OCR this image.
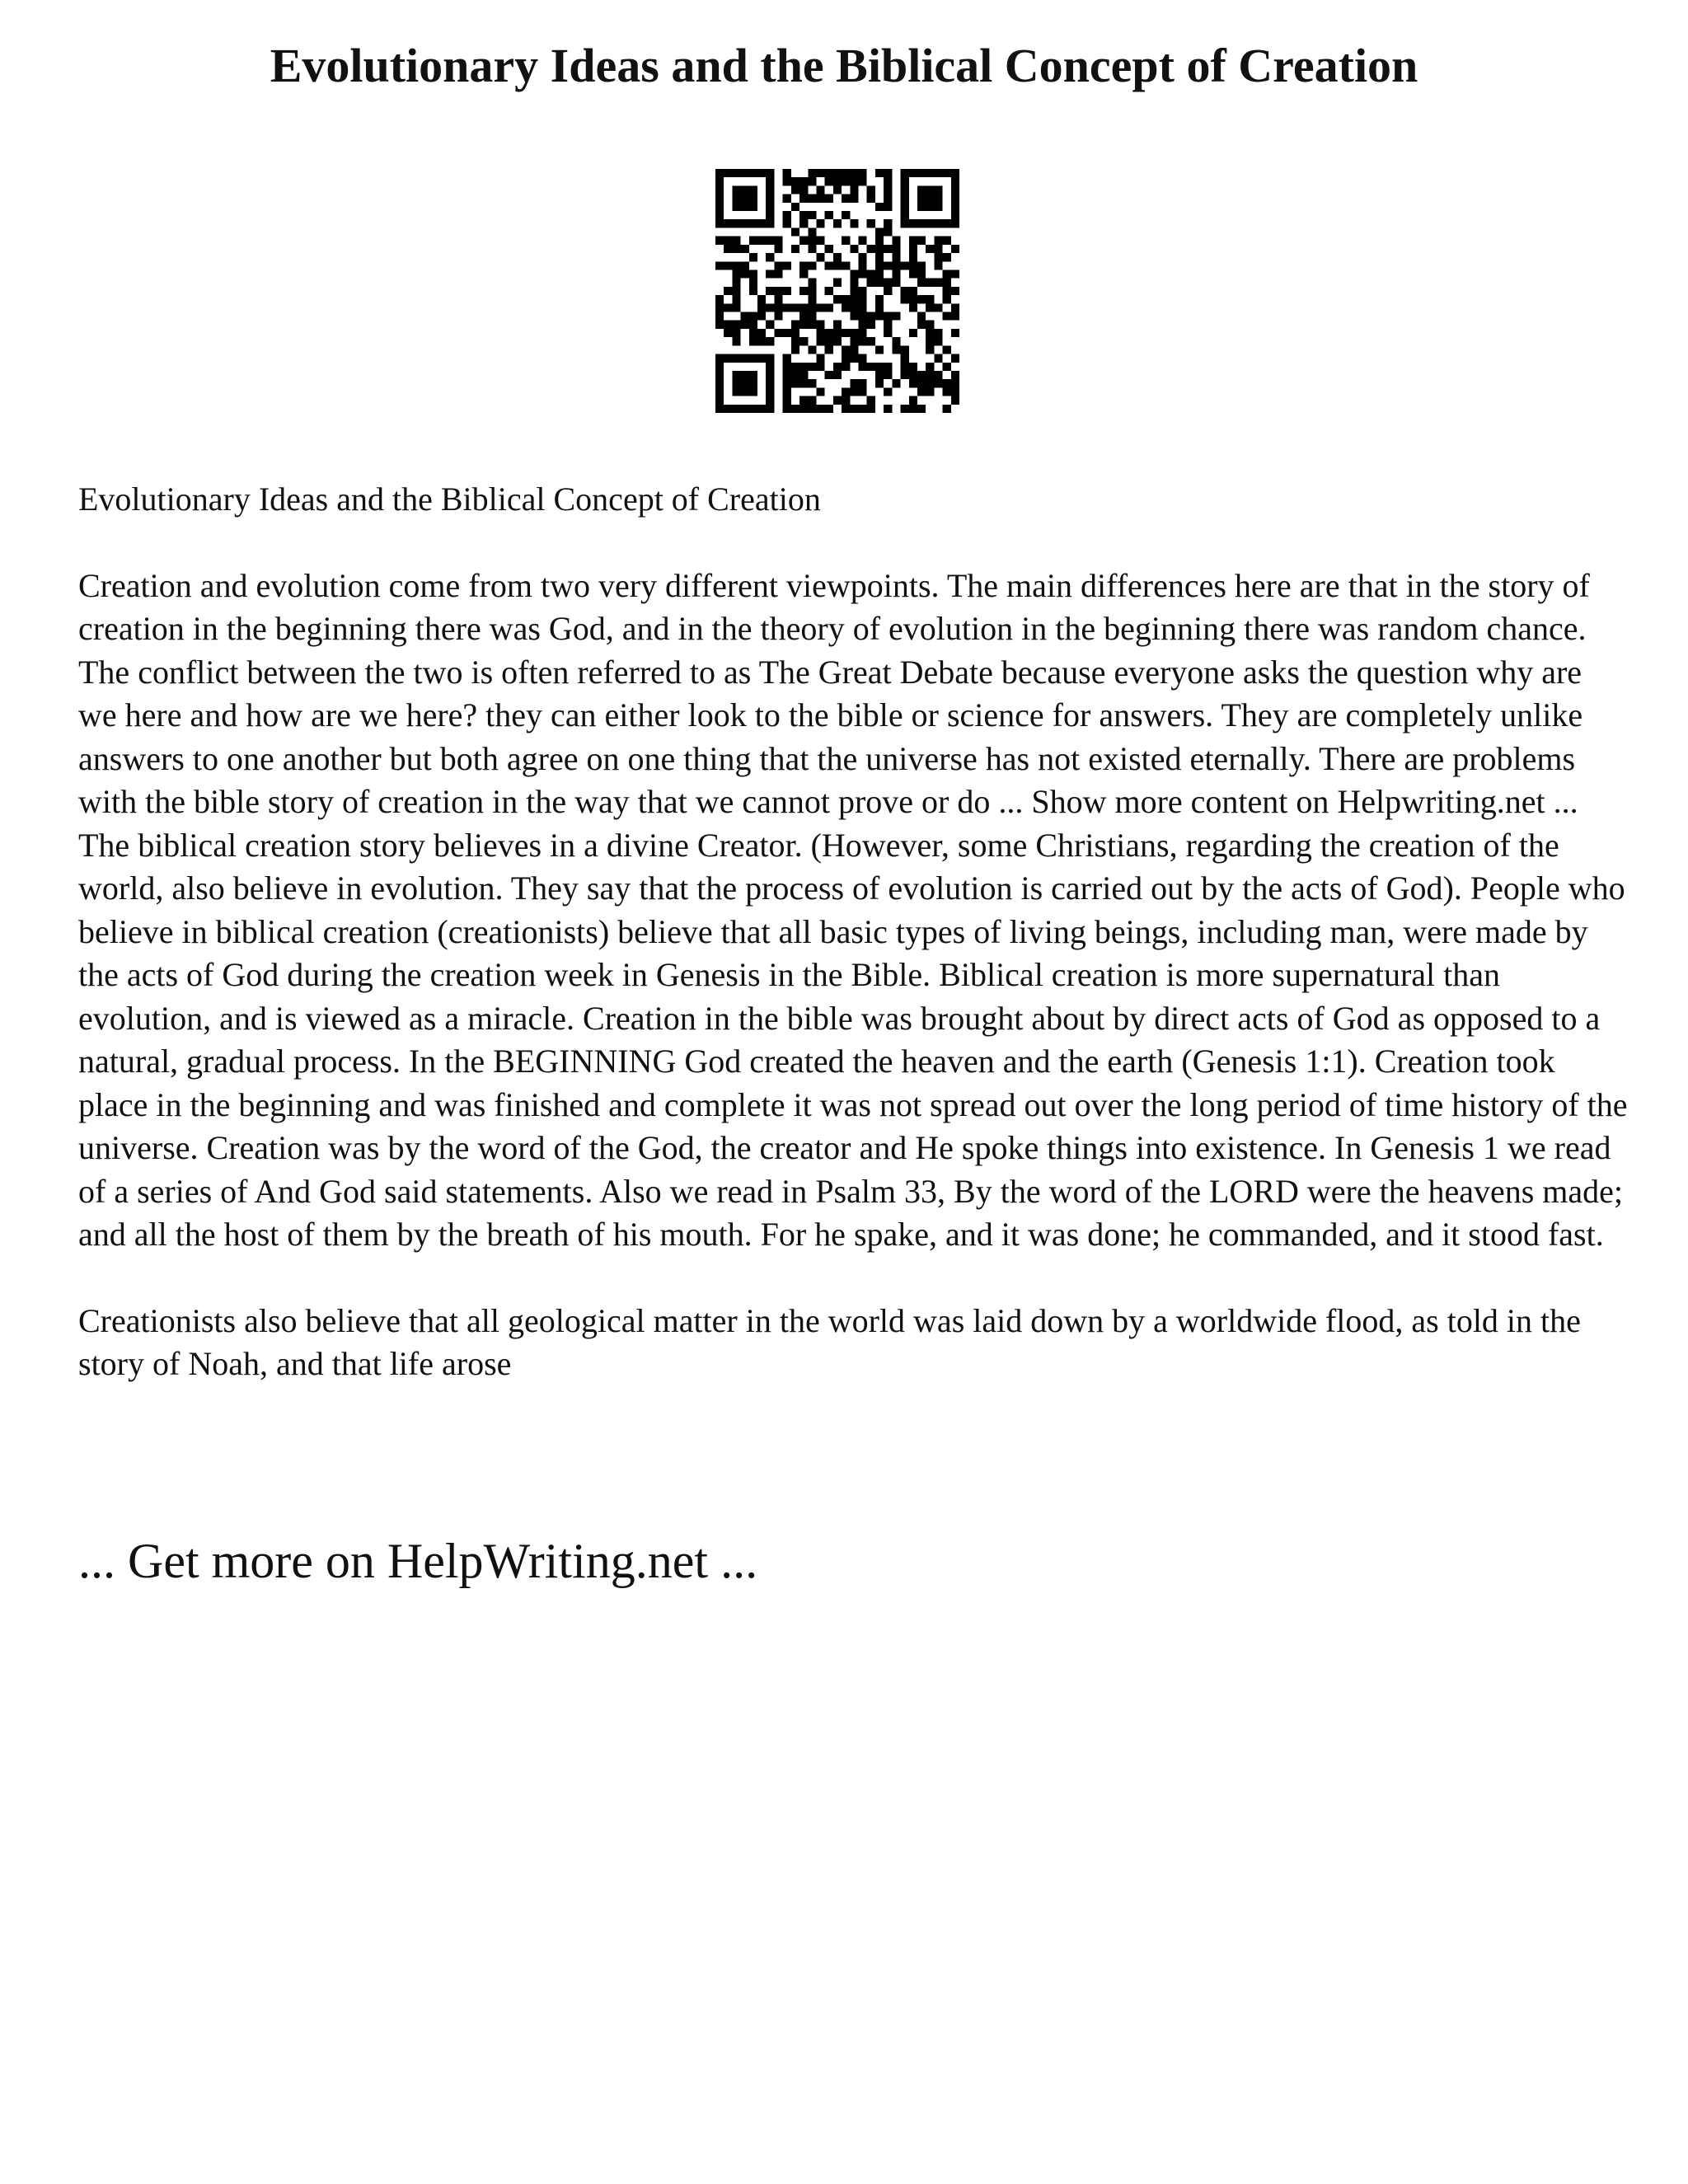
Evolutionary Ideas and the Biblical Concept of Creation

Evolutionary Ideas and the Biblical Concept of Creation

Creation and evolution come from two very different viewpoints. The main differences here are that in the story of creation in the beginning there was God, and in the theory of evolution in the beginning there was random chance. The conflict between the two is often referred to as The Great Debate because everyone asks the question why are we here and how are we here? they can either look to the bible or science for answers. They are completely unlike answers to one another but both agree on one thing that the universe has not existed eternally. There are problems with the bible story of creation in the way that we cannot prove or do ... Show more content on Helpwriting.net ...

The biblical creation story believes in a divine Creator. (However, some Christians, regarding the creation of the world, also believe in evolution. They say that the process of evolution is carried out by the acts of God). People who believe in biblical creation (creationists) believe that all basic types of living beings, including man, were made by the acts of God during the creation week in Genesis in the Bible. Biblical creation is more supernatural than evolution, and is viewed as a miracle. Creation in the bible was brought about by direct acts of God as opposed to a natural, gradual process. In the BEGINNING God created the heaven and the earth (Genesis 1:1). Creation took place in the beginning and was finished and complete it was not spread out over the long period of time history of the universe. Creation was by the word of the God, the creator and He spoke things into existence. In Genesis 1 we read of a series of And God said statements. Also we read in Psalm 33, By the word of the LORD were the heavens made; and all the host of them by the breath of his mouth. For he spake, and it was done; he commanded, and it stood fast.

Creationists also believe that all geological matter in the world was laid down by a worldwide flood, as told in the story of Noah, and that life arose

... Get more on HelpWriting.net ...
